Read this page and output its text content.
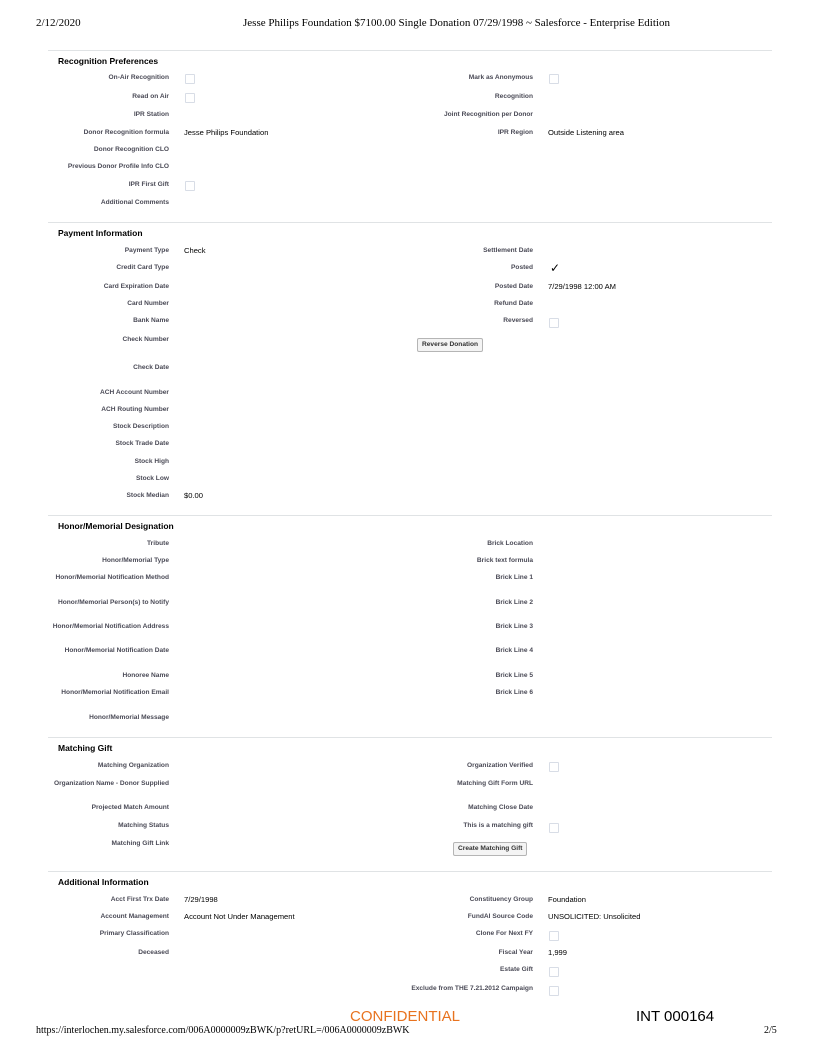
2/12/2020	Jesse Philips Foundation $7100.00 Single Donation 07/29/1998 ~ Salesforce - Enterprise Edition
Recognition Preferences
On-Air Recognition	Mark as Anonymous
Read on Air	Recognition
IPR Station	Joint Recognition per Donor
Donor Recognition formula Jesse Philips Foundation	IPR Region Outside Listening area
Donor Recognition CLO
Previous Donor Profile Info CLO
IPR First Gift
Additional Comments
Payment Information
Payment Type Check	Settlement Date
Credit Card Type	Posted ✓
Card Expiration Date	Posted Date 7/29/1998 12:00 AM
Card Number	Refund Date
Bank Name	Reversed
Check Number
Reverse Donation
Check Date
ACH Account Number
ACH Routing Number
Stock Description
Stock Trade Date
Stock High
Stock Low
Stock Median $0.00
Honor/Memorial Designation
Tribute	Brick Location
Honor/Memorial Type	Brick text formula
Honor/Memorial Notification Method	Brick Line 1
Honor/Memorial Person(s) to Notify	Brick Line 2
Honor/Memorial Notification Address	Brick Line 3
Honor/Memorial Notification Date	Brick Line 4
Honoree Name	Brick Line 5
Honor/Memorial Notification Email	Brick Line 6
Honor/Memorial Message
Matching Gift
Matching Organization	Organization Verified
Organization Name - Donor Supplied	Matching Gift Form URL
Projected Match Amount	Matching Close Date
Matching Status	This is a matching gift
Matching Gift Link
Create Matching Gift
Additional Information
Acct First Trx Date 7/29/1998	Constituency Group Foundation
Account Management Account Not Under Management	FundAI Source Code UNSOLICITED: Unsolicited
Primary Classification	Clone For Next FY
Deceased	Fiscal Year 1,999
Estate Gift
Exclude from THE 7.21.2012 Campaign
CONFIDENTIAL	INT 000164
https://interlochen.my.salesforce.com/006A0000009zBWK/p?retURL=/006A0000009zBWK	2/5
